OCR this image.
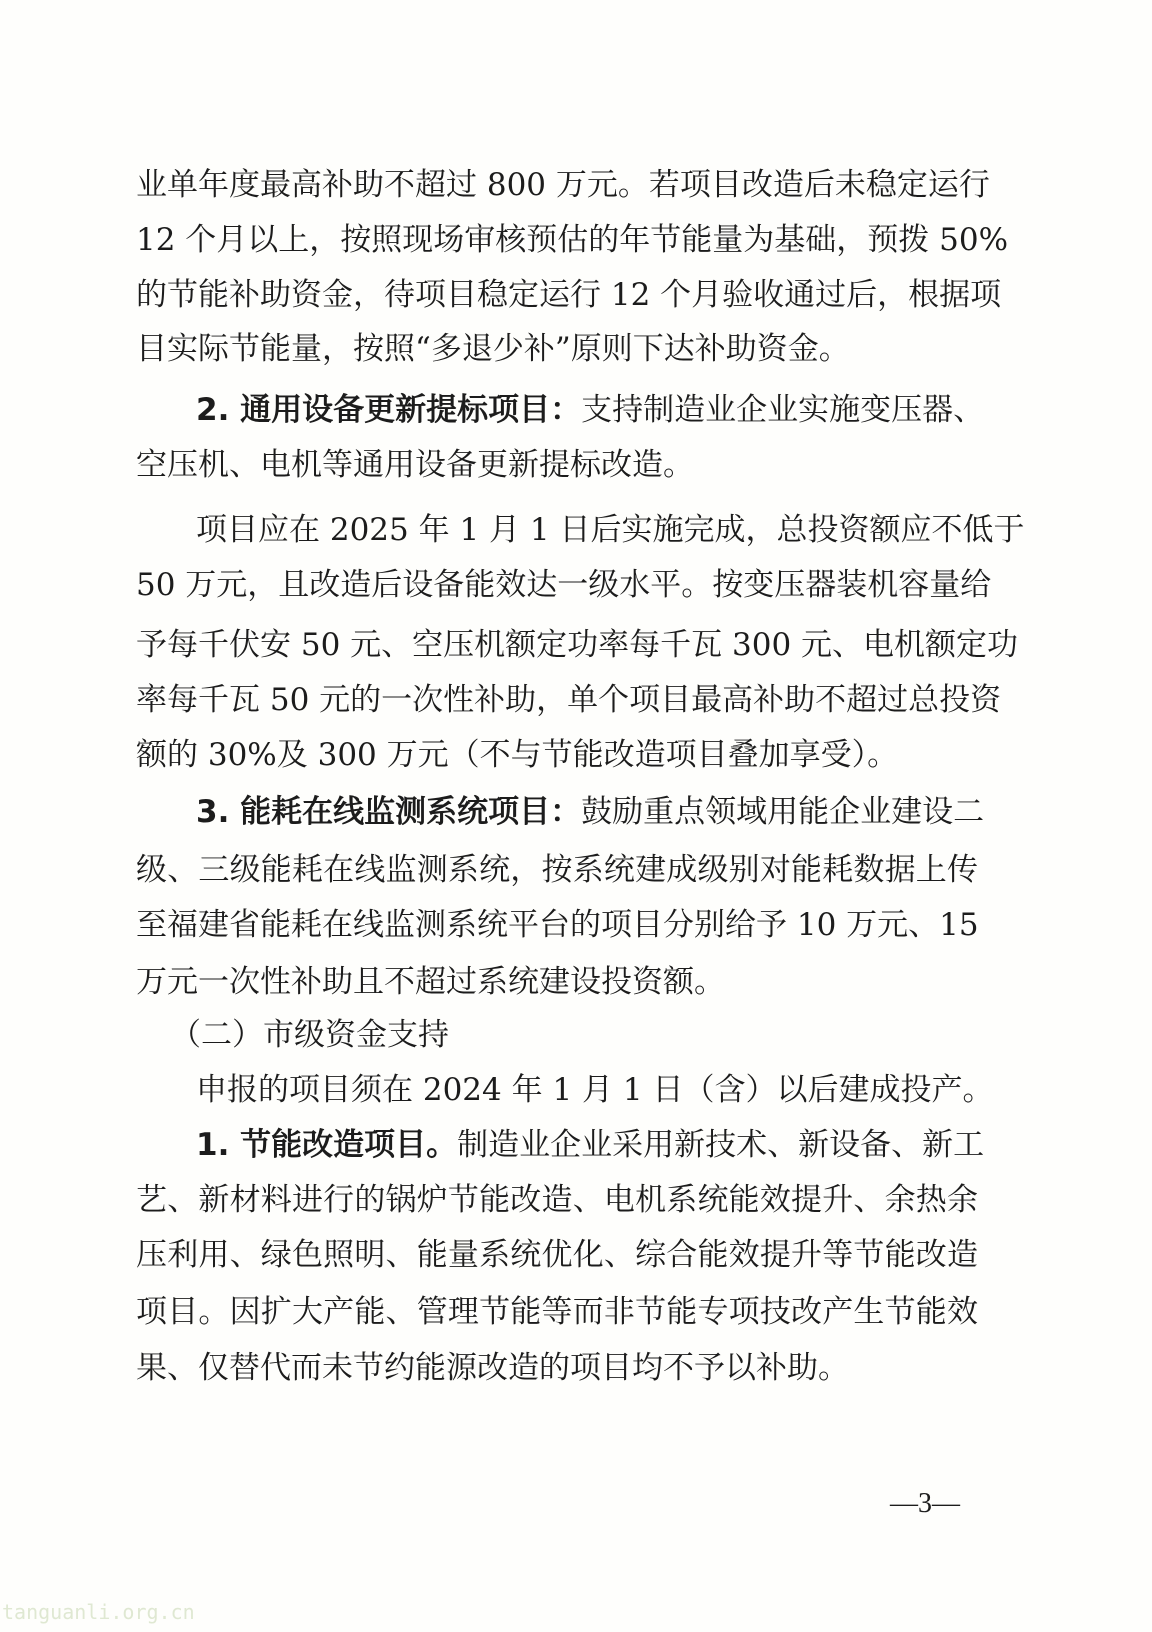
业单年度最高补助不超过 800 万元。若项目改造后未稳定运行
12 个月以上，按照现场审核预估的年节能量为基础，预拨 50%
的节能补助资金，待项目稳定运行 12 个月验收通过后，根据项
目实际节能量，按照“多退少补”原则下达补助资金。
2. 通用设备更新提标项目：支持制造业企业实施变压器、
空压机、电机等通用设备更新提标改造。
项目应在 2025 年 1 月 1 日后实施完成，总投资额应不低于
50 万元，且改造后设备能效达一级水平。按变压器装机容量给
予每千伏安 50 元、空压机额定功率每千瓦 300 元、电机额定功
率每千瓦 50 元的一次性补助，单个项目最高补助不超过总投资
额的 30%及 300 万元（不与节能改造项目叠加享受）。
3. 能耗在线监测系统项目：鼓励重点领域用能企业建设二
级、三级能耗在线监测系统，按系统建成级别对能耗数据上传
至福建省能耗在线监测系统平台的项目分别给予 10 万元、15
万元一次性补助且不超过系统建设投资额。
（二）市级资金支持
申报的项目须在 2024 年 1 月 1 日（含）以后建成投产。
1. 节能改造项目。制造业企业采用新技术、新设备、新工
艺、新材料进行的锅炉节能改造、电机系统能效提升、余热余
压利用、绿色照明、能量系统优化、综合能效提升等节能改造
项目。因扩大产能、管理节能等而非节能专项技改产生节能效
果、仅替代而未节约能源改造的项目均不予以补助。
—3—
tanguanli.org.cn
